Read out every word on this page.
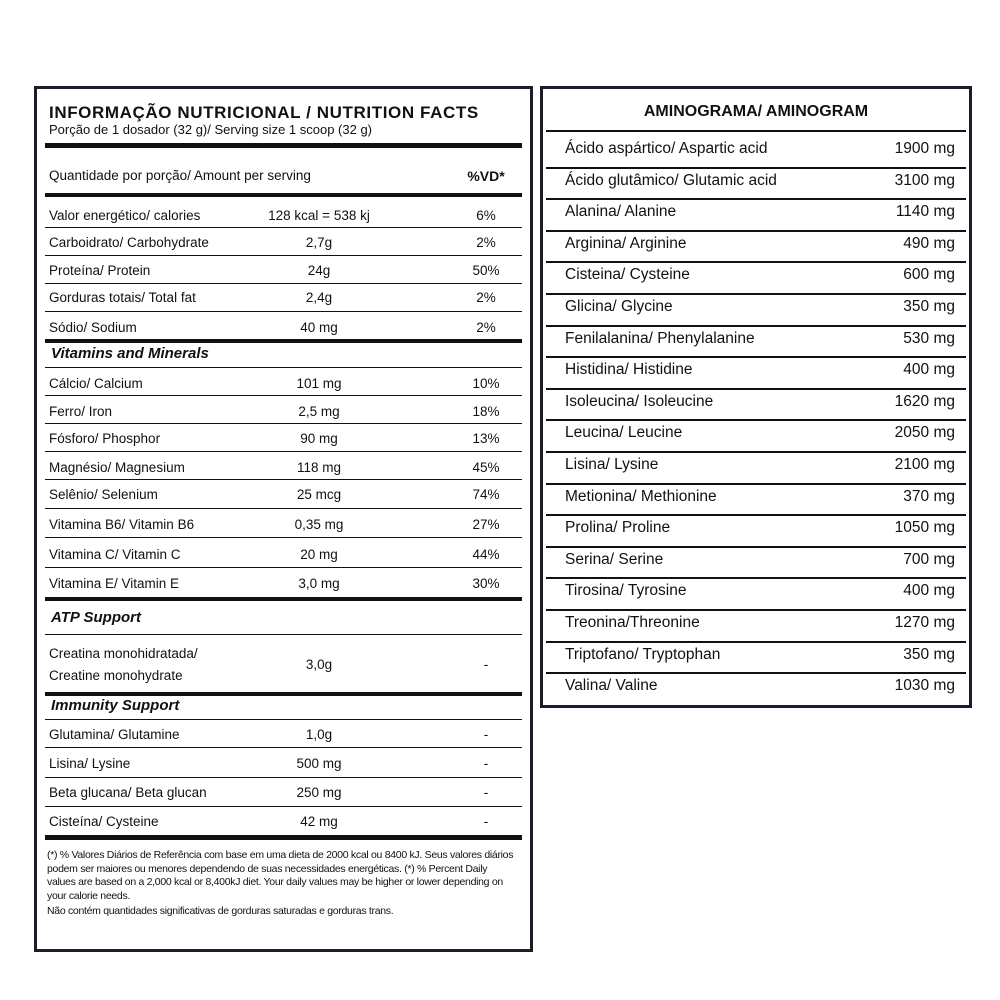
INFORMAÇÃO NUTRICIONAL / NUTRITION FACTS
Porção de 1 dosador (32 g)/ Serving size 1 scoop (32 g)
Quantidade por porção/ Amount per serving	%VD*
Valor energético/ calories	128 kcal = 538 kj	6%
Carboidrato/ Carbohydrate	2,7g	2%
Proteína/ Protein	24g	50%
Gorduras totais/ Total fat	2,4g	2%
Sódio/ Sodium	40 mg	2%
Vitamins and Minerals
Cálcio/ Calcium	101 mg	10%
Ferro/ Iron	2,5 mg	18%
Fósforo/ Phosphor	90 mg	13%
Magnésio/ Magnesium	118 mg	45%
Selênio/ Selenium	25 mcg	74%
Vitamina B6/ Vitamin B6	0,35 mg	27%
Vitamina C/ Vitamin C	20 mg	44%
Vitamina E/ Vitamin E	3,0 mg	30%
ATP Support
Creatina monohidratada/
Creatine monohydrate
3,0g	-
Immunity Support
Glutamina/ Glutamine	1,0g	-
Lisina/ Lysine	500 mg	-
Beta glucana/ Beta glucan	250 mg	-
Cisteína/ Cysteine	42 mg	-

(*) % Valores Diários de Referência com base em uma dieta de 2000 kcal ou 8400 kJ. Seus valores diários podem ser maiores ou menores dependendo de suas necessidades energéticas. (*) % Percent Daily values are based on a 2,000 kcal or 8,400kJ diet. Your daily values may be higher or lower depending on your calorie needs.

Não contém quantidades significativas de gorduras saturadas e gorduras trans.

AMINOGRAMA/ AMINOGRAM
Ácido aspártico/ Aspartic acid	1900 mg
Ácido glutâmico/ Glutamic acid	3100 mg
Alanina/ Alanine	1140 mg
Arginina/ Arginine	490 mg
Cisteina/ Cysteine	600 mg
Glicina/ Glycine	350 mg
Fenilalanina/ Phenylalanine	530 mg
Histidina/ Histidine	400 mg
Isoleucina/ Isoleucine	1620 mg
Leucina/ Leucine	2050 mg
Lisina/ Lysine	2100 mg
Metionina/ Methionine	370 mg
Prolina/ Proline	1050 mg
Serina/ Serine	700 mg
Tirosina/ Tyrosine	400 mg
Treonina/Threonine	1270 mg
Triptofano/ Tryptophan	350 mg
Valina/ Valine	1030 mg
